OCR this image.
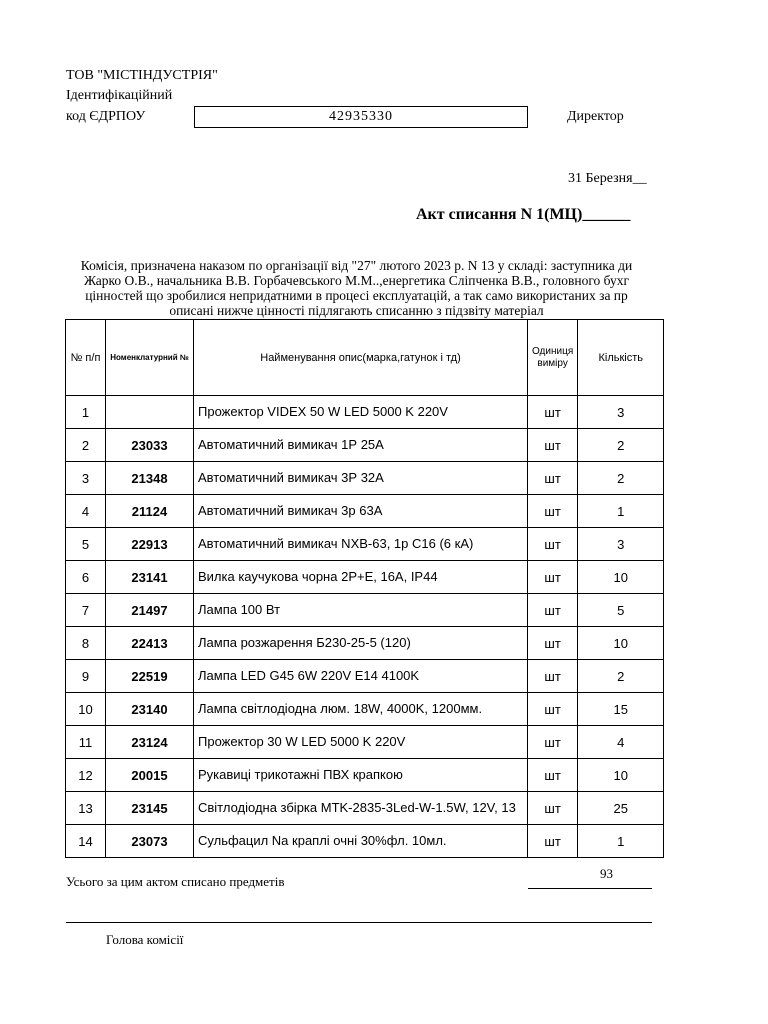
ТОВ "МІСТІНДУСТРІЯ"
Ідентифікаційний
код ЄДРПОУ	42935330	Директор
31 Березня__
Акт списання N 1(МЦ)______
Комісія, призначена наказом по організації від "27" лютого 2023 р. N 13 у складі: заступника ди
Жарко О.В., начальника В.В. Горбачевського М.М..,енергетика Сліпченка В.В., головного бухг
цінностей що зробилися непридатними в процесі експлуатацій, а так само використаних за пр
описані нижче цінності підлягають списанню з підзвіту матеріал
№ п/п	Номенклатурний №	Найменування опис(марка,гатунок і тд)	Одиниця виміру	Кількість
1		Прожектор VIDEX 50 W LED 5000 K 220V	шт	3
2	23033	Автоматичний вимикач 1Р 25А	шт	2
3	21348	Автоматичний вимикач 3Р 32А	шт	2
4	21124	Автоматичний вимикач 3р 63А	шт	1
5	22913	Автоматичний вимикач NXB-63, 1р С16 (6 кА)	шт	3
6	23141	Вилка каучукова чорна 2Р+Е, 16А, ІР44	шт	10
7	21497	Лампа 100 Вт	шт	5
8	22413	Лампа розжарення Б230-25-5 (120)	шт	10
9	22519	Лампа LED G45 6W 220V E14 4100K	шт	2
10	23140	Лампа світлодіодна люм. 18W, 4000K, 1200мм.	шт	15
11	23124	Прожектор 30 W LED 5000 K 220V	шт	4
12	20015	Рукавиці трикотажні ПВХ крапкою	шт	10
13	23145	Світлодіодна збірка MTK-2835-3Led-W-1.5W, 12V, 13	шт	25
14	23073	Сульфацил Na краплі очні 30%фл. 10мл.	шт	1
Усього за цим актом списано предметів
93
Голова комісії
